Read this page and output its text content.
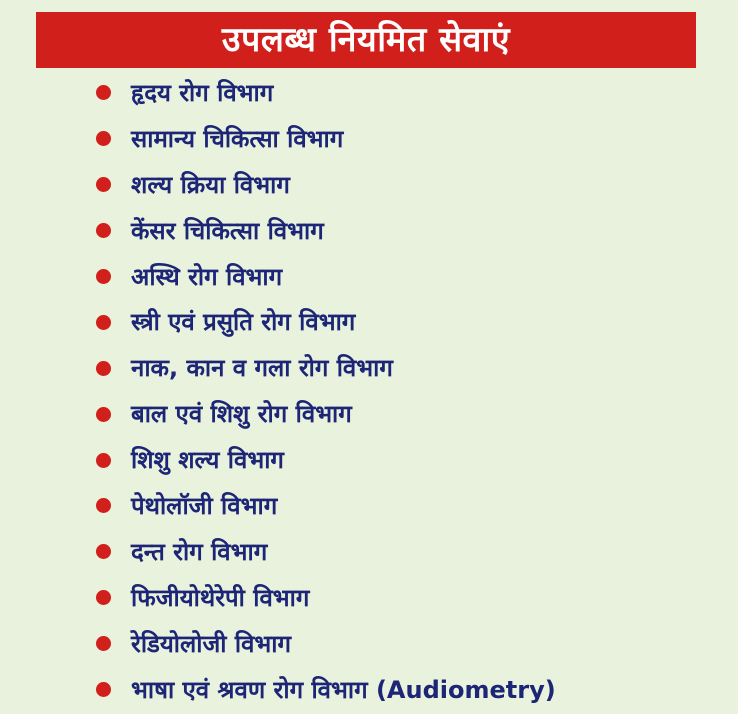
उपलब्ध नियमित सेवाएं
हृदय रोग विभाग
सामान्य चिकित्सा विभाग
शल्य क्रिया विभाग
केंसर चिकित्सा विभाग
अस्थि रोग विभाग
स्त्री एवं प्रसुति रोग विभाग
नाक, कान व गला रोग विभाग
बाल एवं शिशु रोग विभाग
शिशु शल्य विभाग
पेथोलॉजी विभाग
दन्त रोग विभाग
फिजीयोथेरेपी विभाग
रेडियोलोजी विभाग
भाषा एवं श्रवण रोग विभाग (Audiometry)
